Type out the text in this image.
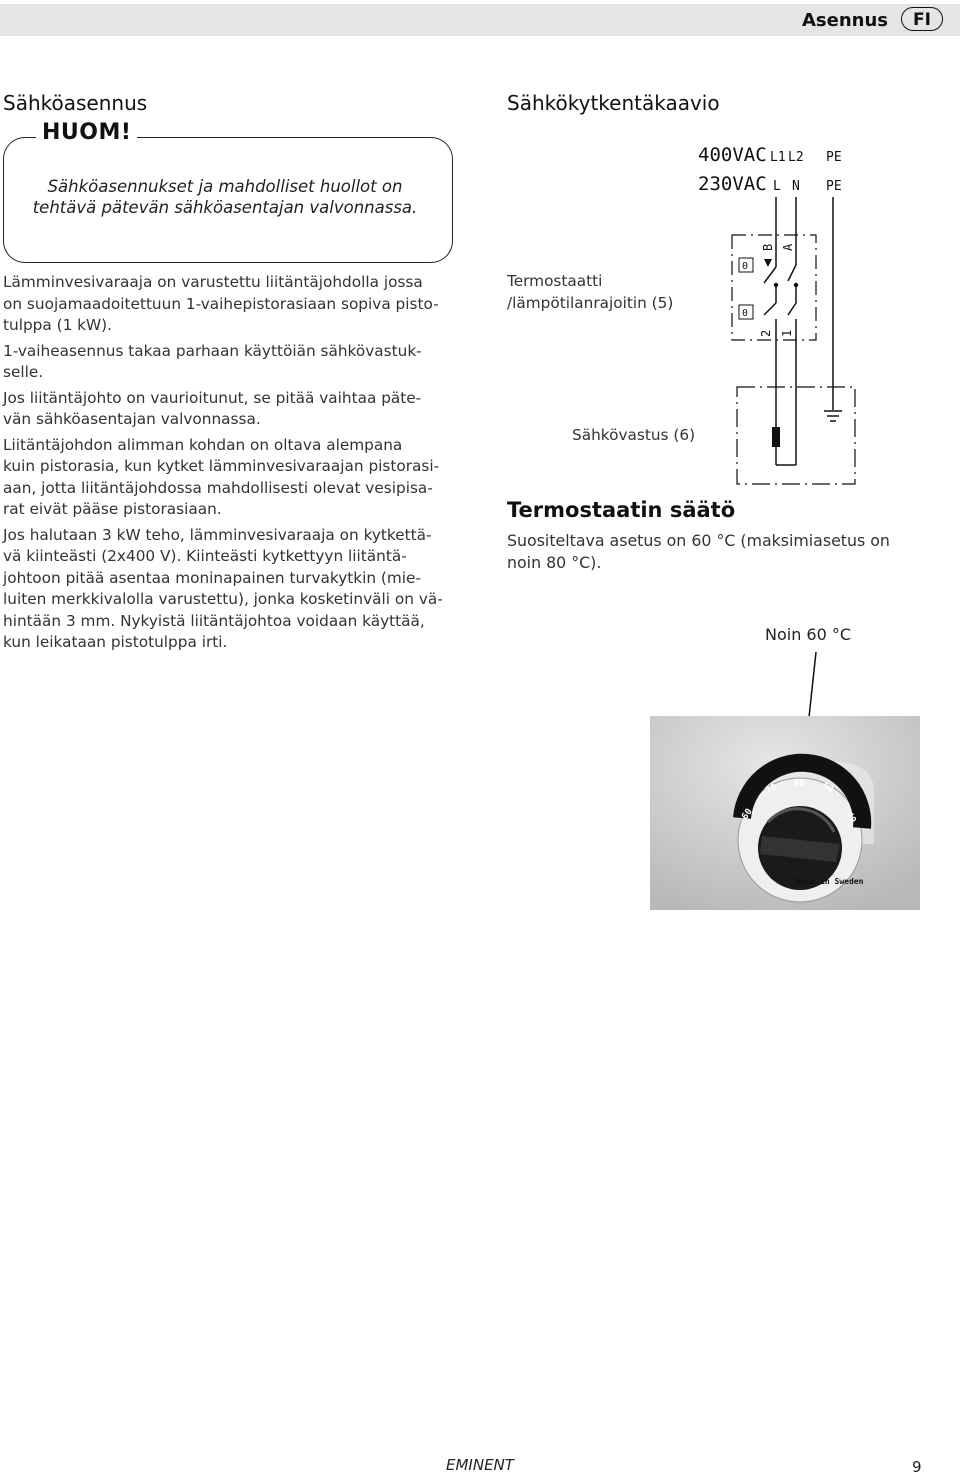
Asennus	FI
Sähköasennus
HUOM!
Sähköasennukset ja mahdolliset huollot on
tehtävä pätevän sähköasentajan valvonnassa.

Lämminvesivaraaja on varustettu liitäntäjohdolla jossa
on suojamaadoitettuun 1-vaihepistorasiaan sopiva pisto-
tulppa (1 kW).

1-vaiheasennus takaa parhaan käyttöiän sähkövastuk-
selle.

Jos liitäntäjohto on vaurioitunut, se pitää vaihtaa päte-
vän sähköasentajan valvonnassa.

Liitäntäjohdon alimman kohdan on oltava alempana
kuin pistorasia, kun kytket lämminvesivaraajan pistorasi-
aan, jotta liitäntäjohdossa mahdollisesti olevat vesipisa-
rat eivät pääse pistorasiaan.

Jos halutaan 3 kW teho, lämminvesivaraaja on kytkettä-
vä kiinteästi (2x400 V). Kiinteästi kytkettyyn liitäntä-
johtoon pitää asentaa moninapainen turvakytkin (mie-
luiten merkkivalolla varustettu), jonka kosketinväli on vä-
hintään 3 mm. Nykyistä liitäntäjohtoa voidaan käyttää,
kun leikataan pistotulppa irti.

Sähkökytkentäkaavio
400VAC L1 L2 PE
230VAC L N PE
0
0
B A
2 1
Termostaatti
/lämpötilanrajoitin (5)
Sähkövastus (6)
Termostaatin säätö
Suositeltava asetus on 60 °C (maksimiasetus on
noin 80 °C).
Noin 60 °C
60
70 80 50
40
Made in Sweden
EMINENT	9
